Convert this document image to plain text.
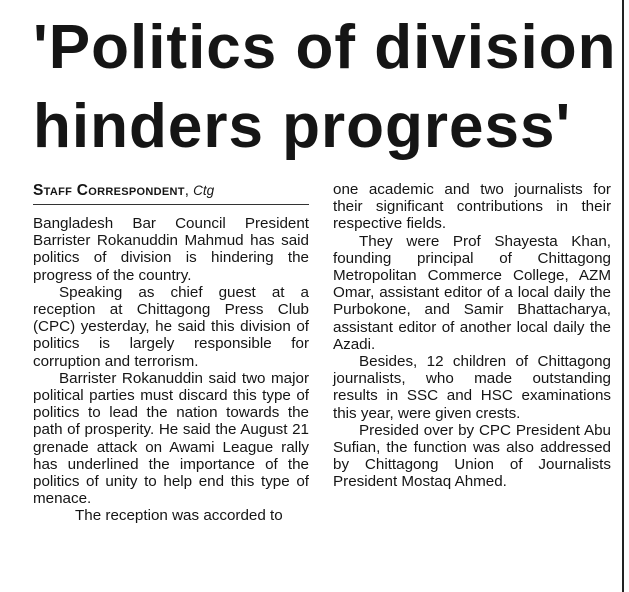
'Politics of division
hinders progress'
Staff Correspondent, Ctg

Bangladesh Bar Council President Barrister Rokanuddin Mahmud has said politics of division is hindering the progress of the country.

Speaking as chief guest at a reception at Chittagong Press Club (CPC) yesterday, he said this division of politics is largely responsible for corruption and terrorism.

Barrister Rokanuddin said two major political parties must discard this type of politics to lead the nation towards the path of prosperity. He said the August 21 grenade attack on Awami League rally has underlined the importance of the politics of unity to help end this type of menace.

The reception was accorded to

one academic and two journalists for their significant contributions in their respective fields.

They were Prof Shayesta Khan, founding principal of Chittagong Metropolitan Commerce College, AZM Omar, assistant editor of a local daily the Purbokone, and Samir Bhattacharya, assistant editor of another local daily the Azadi.

Besides, 12 children of Chittagong journalists, who made outstanding results in SSC and HSC examinations this year, were given crests.

Presided over by CPC President Abu Sufian, the function was also addressed by Chittagong Union of Journalists President Mostaq Ahmed.
